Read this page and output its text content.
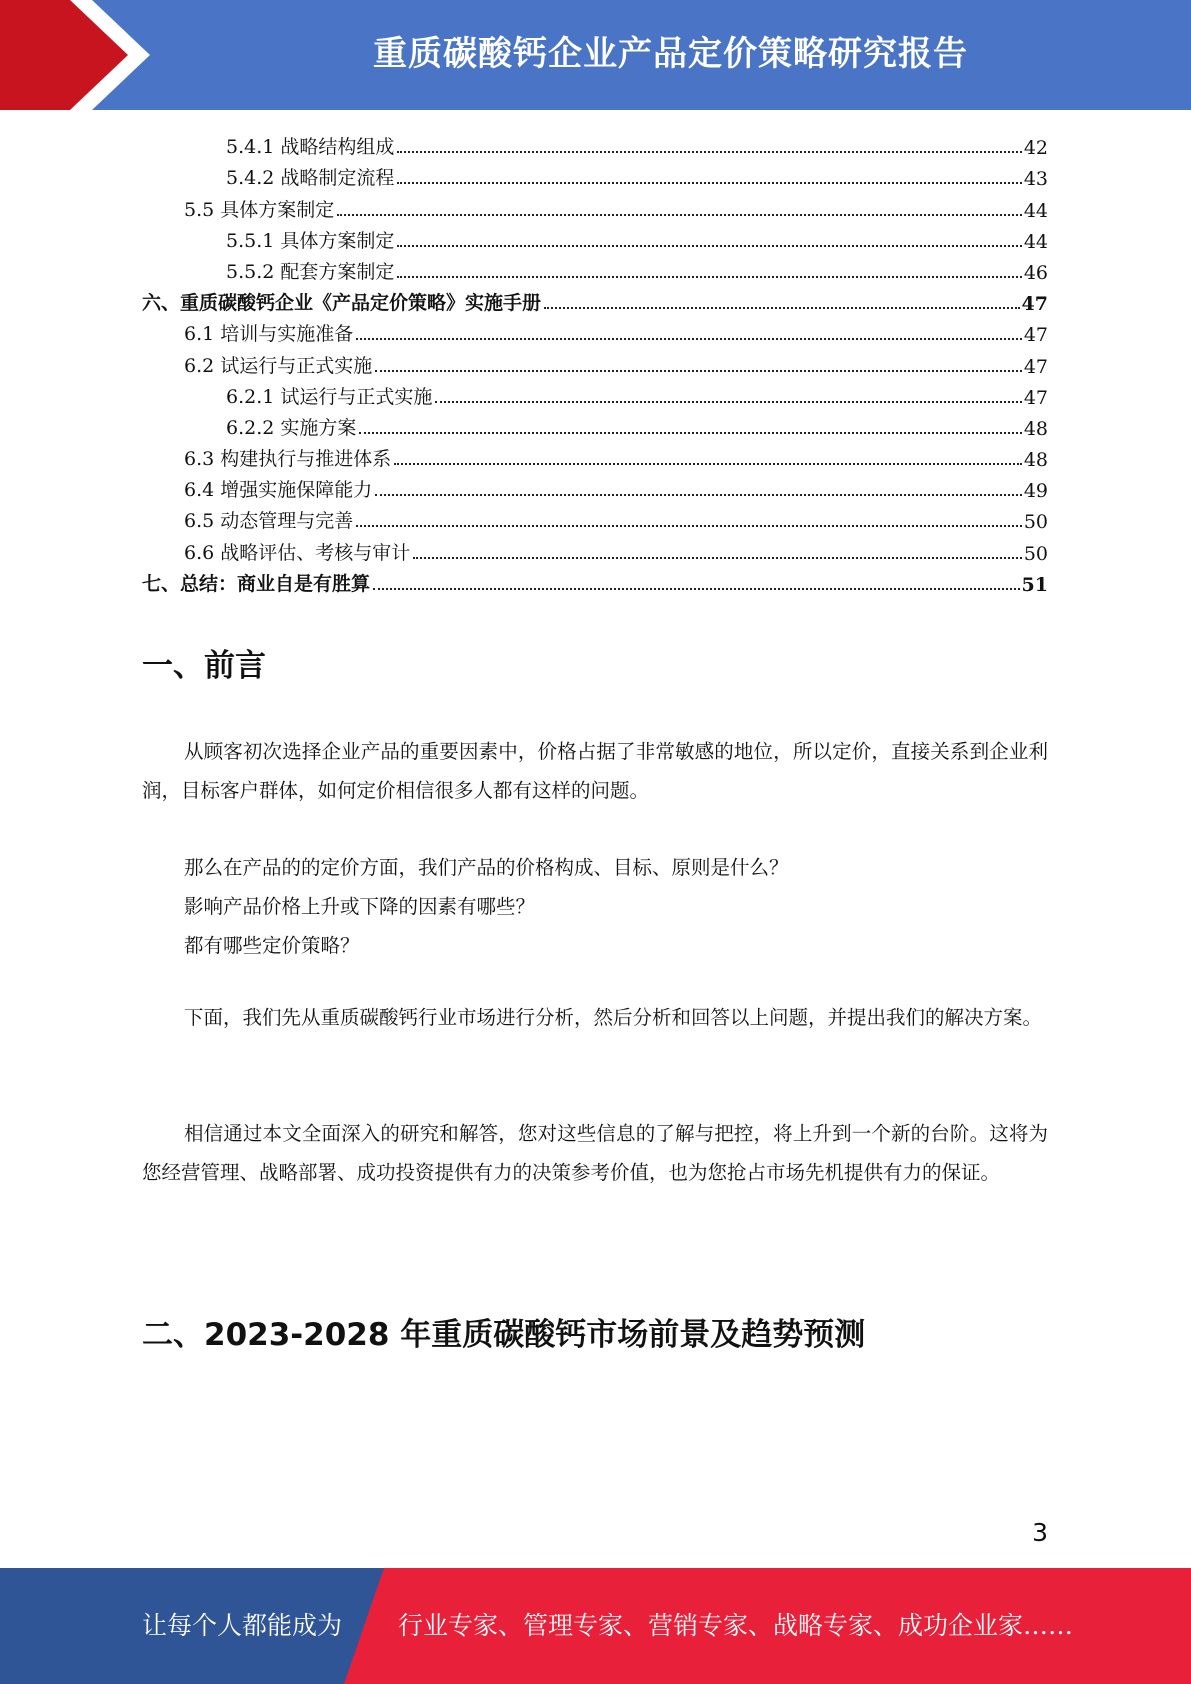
重质碳酸钙企业产品定价策略研究报告
5.4.1 战略结构组成	42
5.4.2 战略制定流程	43
5.5 具体方案制定	44
5.5.1 具体方案制定	44
5.5.2 配套方案制定	46
六、重质碳酸钙企业《产品定价策略》实施手册	47
6.1 培训与实施准备	47
6.2 试运行与正式实施	47
6.2.1 试运行与正式实施	47
6.2.2 实施方案	48
6.3 构建执行与推进体系	48
6.4 增强实施保障能力	49
6.5 动态管理与完善	50
6.6 战略评估、考核与审计	50
七、总结：商业自是有胜算	51
一、前言
从顾客初次选择企业产品的重要因素中，价格占据了非常敏感的地位，所以定价，直接关系到企业利润，目标客户群体，如何定价相信很多人都有这样的问题。
那么在产品的的定价方面，我们产品的价格构成、目标、原则是什么？
影响产品价格上升或下降的因素有哪些？
都有哪些定价策略？
下面，我们先从重质碳酸钙行业市场进行分析，然后分析和回答以上问题，并提出我们的解决方案。
相信通过本文全面深入的研究和解答，您对这些信息的了解与把控，将上升到一个新的台阶。这将为您经营管理、战略部署、成功投资提供有力的决策参考价值，也为您抢占市场先机提供有力的保证。
二、2023-2028 年重质碳酸钙市场前景及趋势预测
3
让每个人都能成为 行业专家、管理专家、营销专家、战略专家、成功企业家……
